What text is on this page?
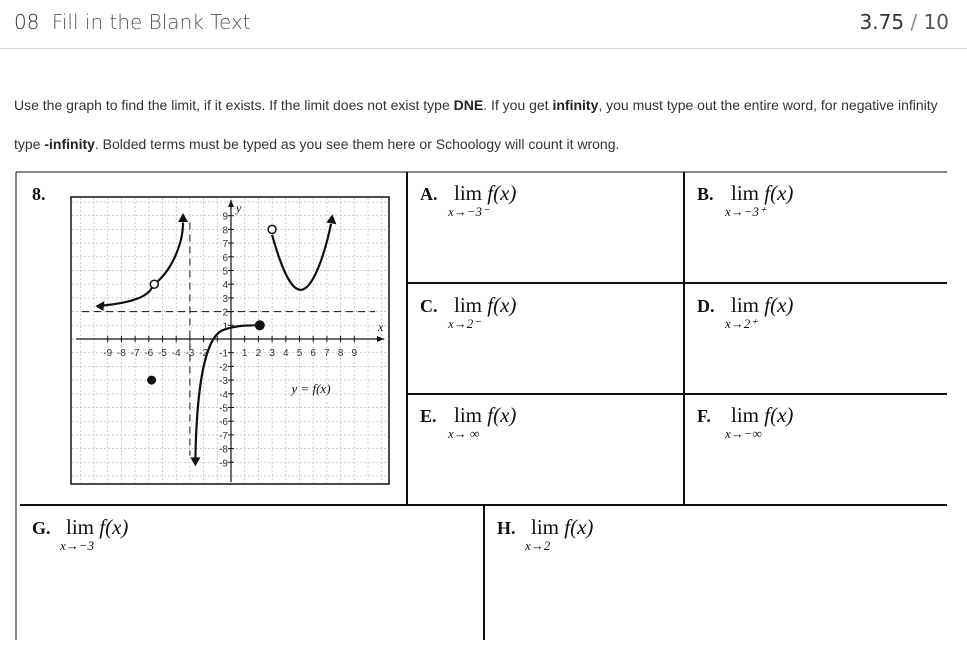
08 Fill in the Blank Text	3.75 / 10
Use the graph to find the limit, if it exists. If the limit does not exist type DNE. If you get infinity, you must type out the entire word, for negative infinity type -infinity. Bolded terms must be typed as you see them here or Schoology will count it wrong.
-9 -8 -7 -6 -5 -4 -3 -2	1 2 3 4 5 6 7 8 9
9
8
7
6
5
4
3
2
1
-1
-2
-3
-4
-5
-6
-7
-8
-9
x
y
y = f(x)
8.	A. lim f(x)
x→−3⁻
B. lim f(x)
x→−3⁺
C. lim f(x)
x→2⁻
D. lim f(x)
x→2⁺
E. lim f(x)
x→ ∞
F. lim f(x)
x→−∞
G. lim f(x)
x→−3
H. lim f(x)
x→2
